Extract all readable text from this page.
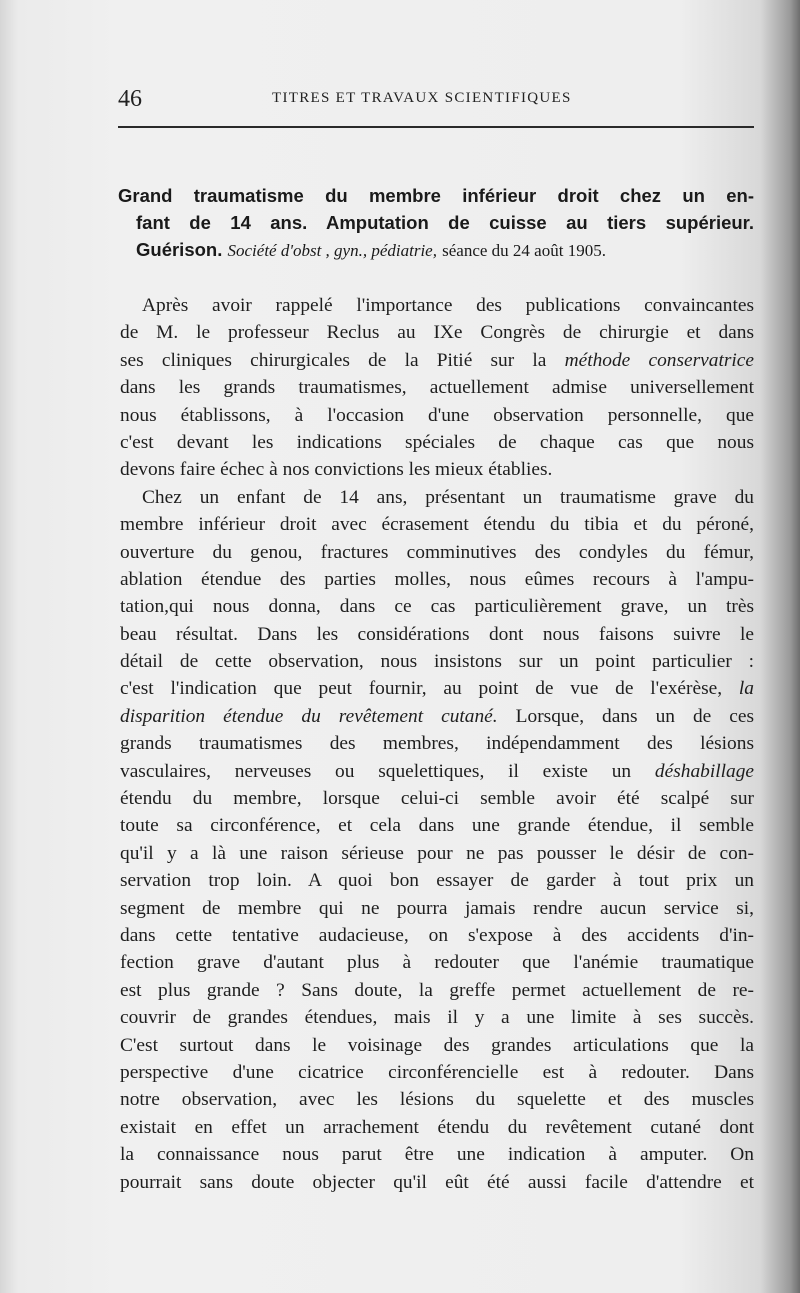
46	TITRES ET TRAVAUX SCIENTIFIQUES
Grand traumatisme du membre inférieur droit chez un en-
fant de 14 ans. Amputation de cuisse au tiers supérieur.
Guérison. Société d'obst , gyn., pédiatrie, séance du 24 août 1905.
Après avoir rappelé l'importance des publications convaincantes
de M. le professeur Reclus au IXe Congrès de chirurgie et dans
ses cliniques chirurgicales de la Pitié sur la méthode conservatrice
dans les grands traumatismes, actuellement admise universellement
nous établissons, à l'occasion d'une observation personnelle, que
c'est devant les indications spéciales de chaque cas que nous
devons faire échec à nos convictions les mieux établies.
Chez un enfant de 14 ans, présentant un traumatisme grave du
membre inférieur droit avec écrasement étendu du tibia et du péroné,
ouverture du genou, fractures comminutives des condyles du fémur,
ablation étendue des parties molles, nous eûmes recours à l'ampu-
tation,qui nous donna, dans ce cas particulièrement grave, un très
beau résultat. Dans les considérations dont nous faisons suivre le
détail de cette observation, nous insistons sur un point particulier :
c'est l'indication que peut fournir, au point de vue de l'exérèse, la
disparition étendue du revêtement cutané. Lorsque, dans un de ces
grands traumatismes des membres, indépendamment des lésions
vasculaires, nerveuses ou squelettiques, il existe un déshabillage
étendu du membre, lorsque celui-ci semble avoir été scalpé sur
toute sa circonférence, et cela dans une grande étendue, il semble
qu'il y a là une raison sérieuse pour ne pas pousser le désir de con-
servation trop loin. A quoi bon essayer de garder à tout prix un
segment de membre qui ne pourra jamais rendre aucun service si,
dans cette tentative audacieuse, on s'expose à des accidents d'in-
fection grave d'autant plus à redouter que l'anémie traumatique
est plus grande ? Sans doute, la greffe permet actuellement de re-
couvrir de grandes étendues, mais il y a une limite à ses succès.
C'est surtout dans le voisinage des grandes articulations que la
perspective d'une cicatrice circonférencielle est à redouter. Dans
notre observation, avec les lésions du squelette et des muscles
existait en effet un arrachement étendu du revêtement cutané dont
la connaissance nous parut être une indication à amputer. On
pourrait sans doute objecter qu'il eût été aussi facile d'attendre et
